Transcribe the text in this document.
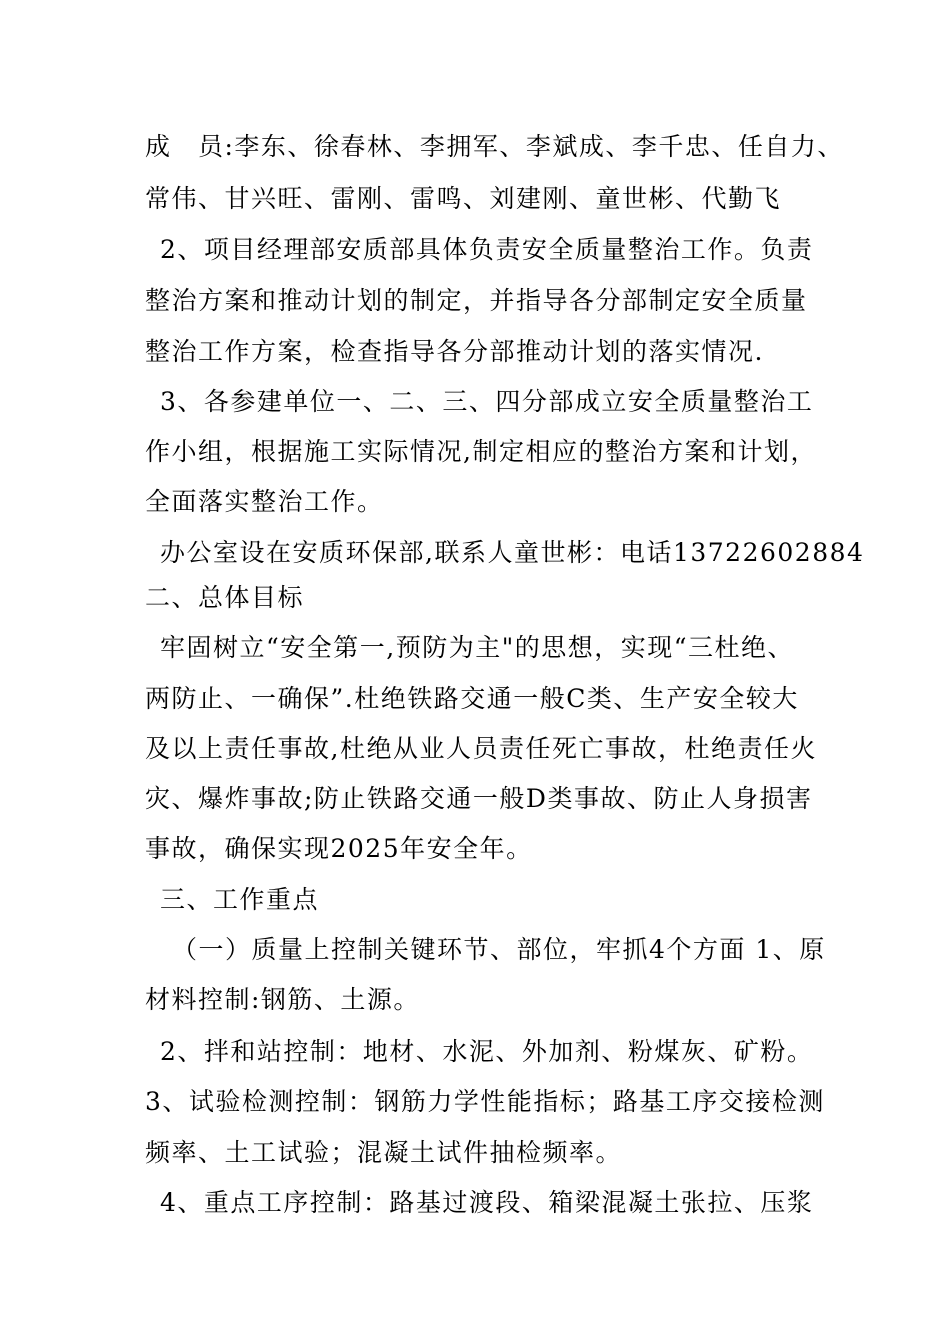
成　员:李东、徐春林、李拥军、李斌成、李千忠、任自力、
常伟、甘兴旺、雷刚、雷鸣、刘建刚、童世彬、代勤飞
2、项目经理部安质部具体负责安全质量整治工作。负责
整治方案和推动计划的制定，并指导各分部制定安全质量
整治工作方案，检查指导各分部推动计划的落实情况.
3、各参建单位一、二、三、四分部成立安全质量整治工
作小组，根据施工实际情况,制定相应的整治方案和计划，
全面落实整治工作。
办公室设在安质环保部,联系人童世彬：电话13722602884
二、总体目标
牢固树立“安全第一,预防为主"的思想，实现“三杜绝、
两防止、一确保”.杜绝铁路交通一般C类、生产安全较大
及以上责任事故,杜绝从业人员责任死亡事故，杜绝责任火
灾、爆炸事故;防止铁路交通一般D类事故、防止人身损害
事故，确保实现2025年安全年。
三、工作重点
（一）质量上控制关键环节、部位，牢抓4个方面 1、原
材料控制:钢筋、土源。
2、拌和站控制：地材、水泥、外加剂、粉煤灰、矿粉。
3、试验检测控制：钢筋力学性能指标；路基工序交接检测
频率、土工试验；混凝土试件抽检频率。
4、重点工序控制：路基过渡段、箱梁混凝土张拉、压浆
